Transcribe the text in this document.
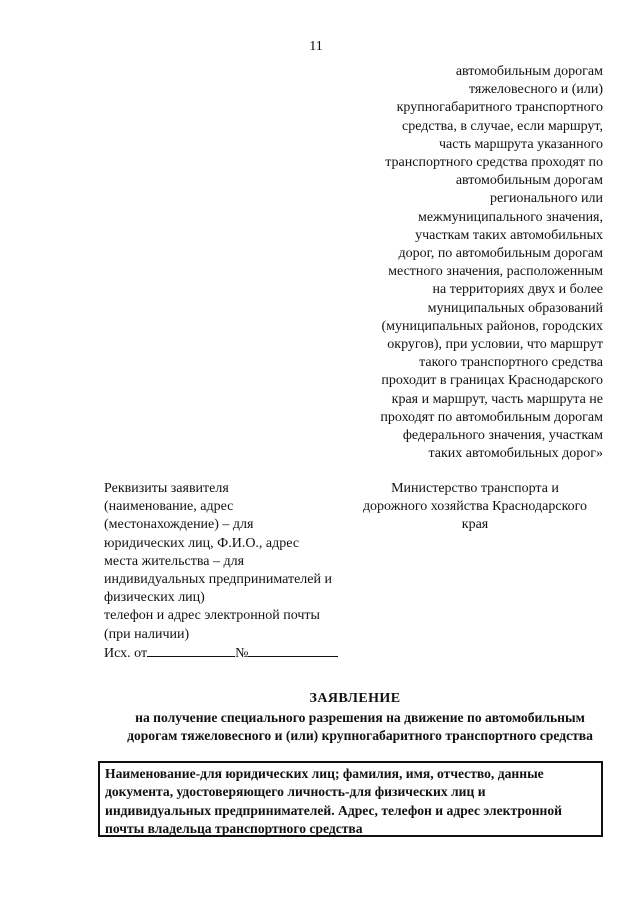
11
автомобильным дорогам
тяжеловесного и (или)
крупногабаритного транспортного
средства, в случае, если маршрут,
часть маршрута указанного
транспортного средства проходят по
автомобильным дорогам
регионального или
межмуниципального значения,
участкам таких автомобильных
дорог, по автомобильным дорогам
местного значения, расположенным
на территориях двух и более
муниципальных образований
(муниципальных районов, городских
округов), при условии, что маршрут
такого транспортного средства
проходит в границах Краснодарского
края и маршрут, часть маршрута не
проходят по автомобильным дорогам
федерального значения, участкам
таких автомобильных дорог»
Реквизиты заявителя
(наименование, адрес
(местонахождение) – для
юридических лиц, Ф.И.О., адрес
места жительства – для
индивидуальных предпринимателей и
физических лиц)
телефон и адрес электронной почты
(при наличии)
Исх. от	№
Министерство транспорта и
дорожного хозяйства Краснодарского
края
ЗАЯВЛЕНИЕ
на получение специального разрешения на движение по автомобильным
дорогам тяжеловесного и (или) крупногабаритного транспортного средства
Наименование-для юридических лиц; фамилия, имя, отчество, данные
документа, удостоверяющего личность-для физических лиц и
индивидуальных предпринимателей. Адрес, телефон и адрес электронной
почты владельца транспортного средства
